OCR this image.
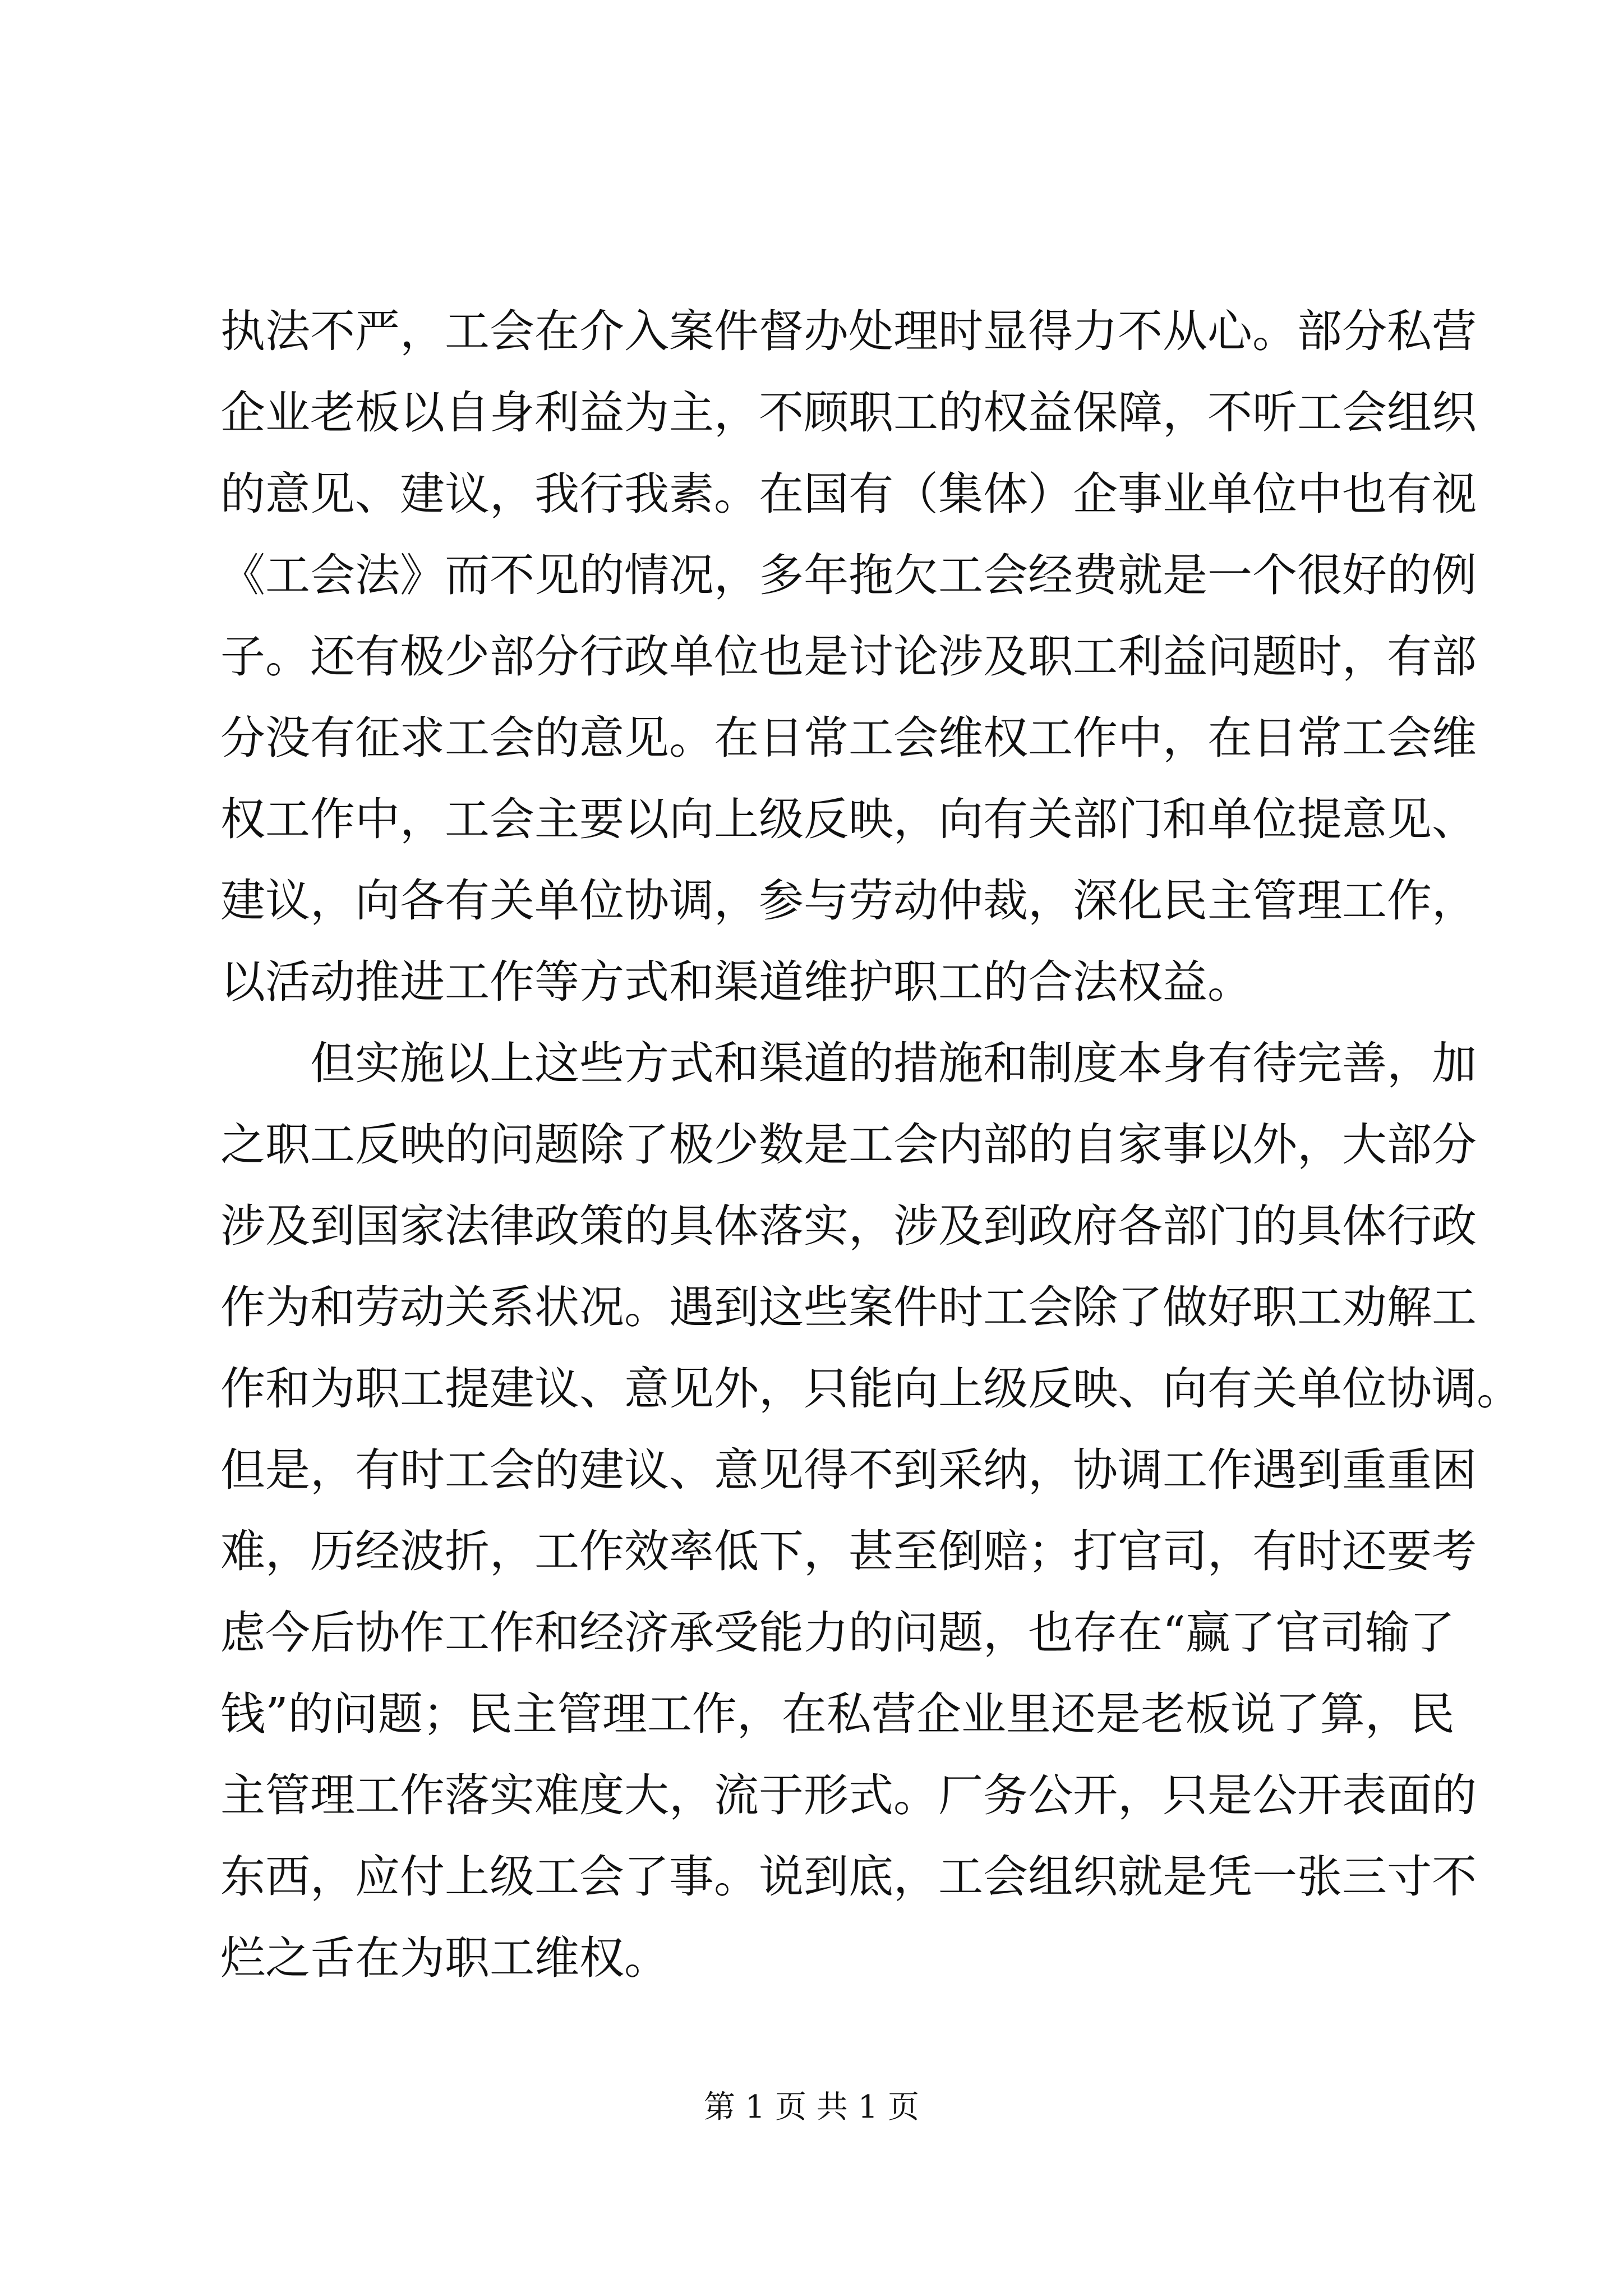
执法不严，工会在介入案件督办处理时显得力不从心。部分私营
企业老板以自身利益为主，不顾职工的权益保障，不听工会组织
的意见、建议，我行我素。在国有（集体）企事业单位中也有视
《工会法》而不见的情况，多年拖欠工会经费就是一个很好的例
子。还有极少部分行政单位也是讨论涉及职工利益问题时，有部
分没有征求工会的意见。在日常工会维权工作中，在日常工会维
权工作中，工会主要以向上级反映，向有关部门和单位提意见、
建议，向各有关单位协调，参与劳动仲裁，深化民主管理工作，
以活动推进工作等方式和渠道维护职工的合法权益。
但实施以上这些方式和渠道的措施和制度本身有待完善，加
之职工反映的问题除了极少数是工会内部的自家事以外，大部分
涉及到国家法律政策的具体落实，涉及到政府各部门的具体行政
作为和劳动关系状况。遇到这些案件时工会除了做好职工劝解工
作和为职工提建议、意见外，只能向上级反映、向有关单位协调。
但是，有时工会的建议、意见得不到采纳，协调工作遇到重重困
难，历经波折，工作效率低下，甚至倒赔；打官司，有时还要考
虑今后协作工作和经济承受能力的问题，也存在“赢了官司输了
钱”的问题；民主管理工作，在私营企业里还是老板说了算，民
主管理工作落实难度大，流于形式。厂务公开，只是公开表面的
东西，应付上级工会了事。说到底，工会组织就是凭一张三寸不
烂之舌在为职工维权。
第 1 页 共 1 页
